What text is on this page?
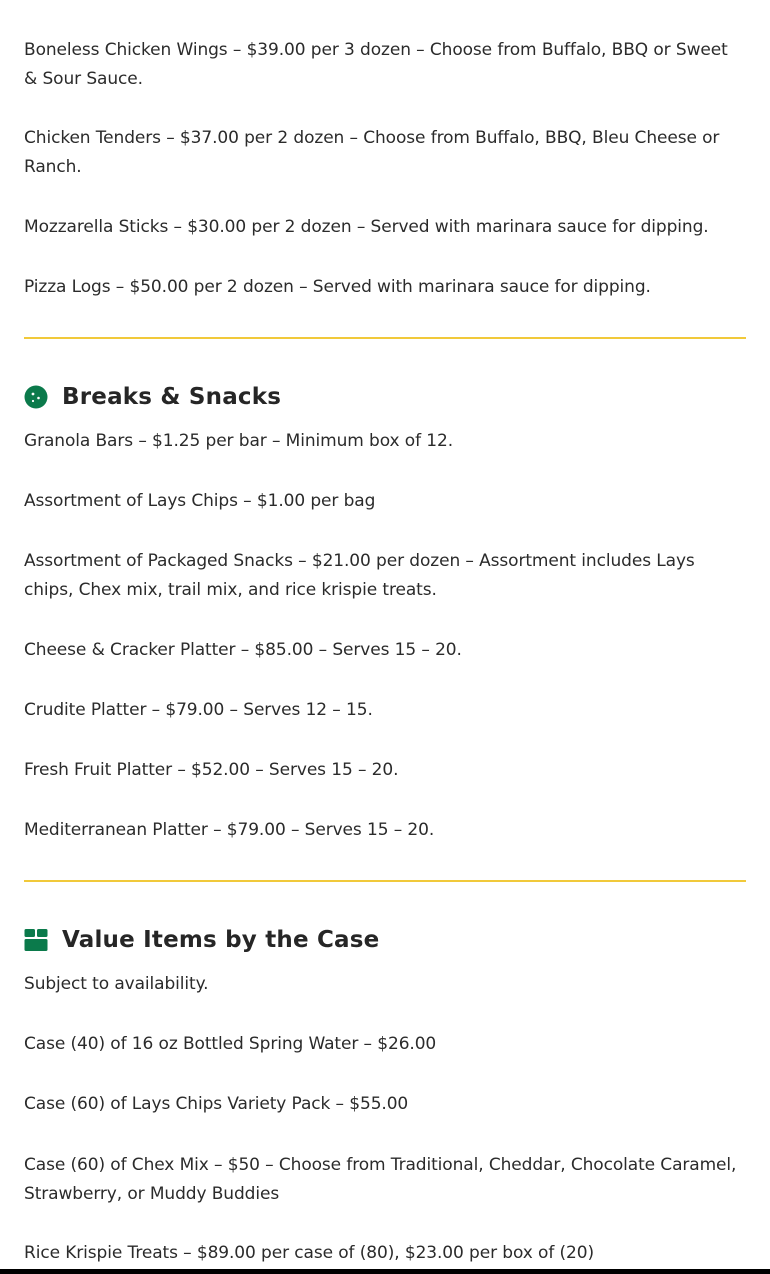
Boneless Chicken Wings – $39.00 per 3 dozen – Choose from Buffalo, BBQ or Sweet & Sour Sauce.

Chicken Tenders – $37.00 per 2 dozen – Choose from Buffalo, BBQ, Bleu Cheese or Ranch.

Mozzarella Sticks – $30.00 per 2 dozen – Served with marinara sauce for dipping.

Pizza Logs – $50.00 per 2 dozen – Served with marinara sauce for dipping.

Breaks & Snacks

Granola Bars – $1.25 per bar – Minimum box of 12.

Assortment of Lays Chips – $1.00 per bag

Assortment of Packaged Snacks – $21.00 per dozen – Assortment includes Lays chips, Chex mix, trail mix, and rice krispie treats.

Cheese & Cracker Platter – $85.00 – Serves 15 – 20.

Crudite Platter – $79.00 – Serves 12 – 15.

Fresh Fruit Platter – $52.00 – Serves 15 – 20.

Mediterranean Platter – $79.00 – Serves 15 – 20.

Value Items by the Case

Subject to availability.

Case (40) of 16 oz Bottled Spring Water – $26.00

Case (60) of Lays Chips Variety Pack – $55.00

Case (60) of Chex Mix – $50 – Choose from Traditional, Cheddar, Chocolate Caramel, Strawberry, or Muddy Buddies

Rice Krispie Treats – $89.00 per case of (80), $23.00 per box of (20)
